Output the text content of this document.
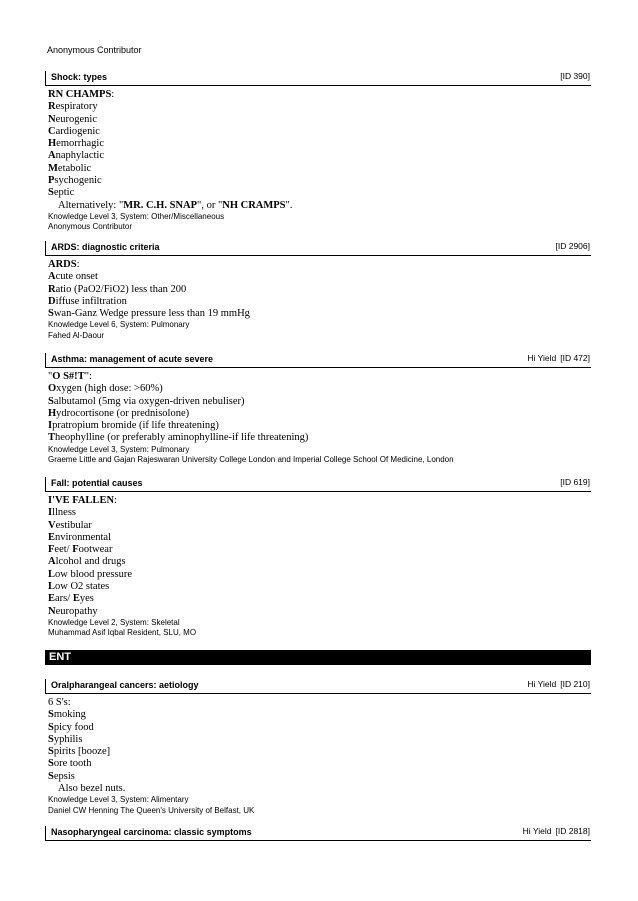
Anonymous Contributor
Shock: types	[ID 390]
RN CHAMPS:
Respiratory
Neurogenic
Cardiogenic
Hemorrhagic
Anaphylactic
Metabolic
Psychogenic
Septic
Alternatively: "MR. C.H. SNAP", or "NH CRAMPS".
Knowledge Level 3, System: Other/Miscellaneous
Anonymous Contributor
ARDS: diagnostic criteria	[ID 2906]
ARDS:
Acute onset
Ratio (PaO2/FiO2) less than 200
Diffuse infiltration
Swan-Ganz Wedge pressure less than 19 mmHg
Knowledge Level 6, System: Pulmonary
Fahed Al-Daour
Asthma: management of acute severe	Hi Yield [ID 472]
"O S#!T":
Oxygen (high dose: >60%)
Salbutamol (5mg via oxygen-driven nebuliser)
Hydrocortisone (or prednisolone)
Ipratropium bromide (if life threatening)
Theophylline (or preferably aminophylline-if life threatening)
Knowledge Level 3, System: Pulmonary
Graeme Little and Gajan Rajeswaran University College London and Imperial College School Of Medicine, London
Fall: potential causes	[ID 619]
I'VE FALLEN:
Illness
Vestibular
Environmental
Feet/ Footwear
Alcohol and drugs
Low blood pressure
Low O2 states
Ears/ Eyes
Neuropathy
Knowledge Level 2, System: Skeletal
Muhammad Asif Iqbal Resident, SLU, MO
ENT
Oralpharangeal cancers: aetiology	Hi Yield [ID 210]
6 S's:
Smoking
Spicy food
Syphilis
Spirits [booze]
Sore tooth
Sepsis
Also bezel nuts.
Knowledge Level 3, System: Alimentary
Daniel CW Henning The Queen's University of Belfast, UK
Nasopharyngeal carcinoma: classic symptoms	Hi Yield [ID 2818]
